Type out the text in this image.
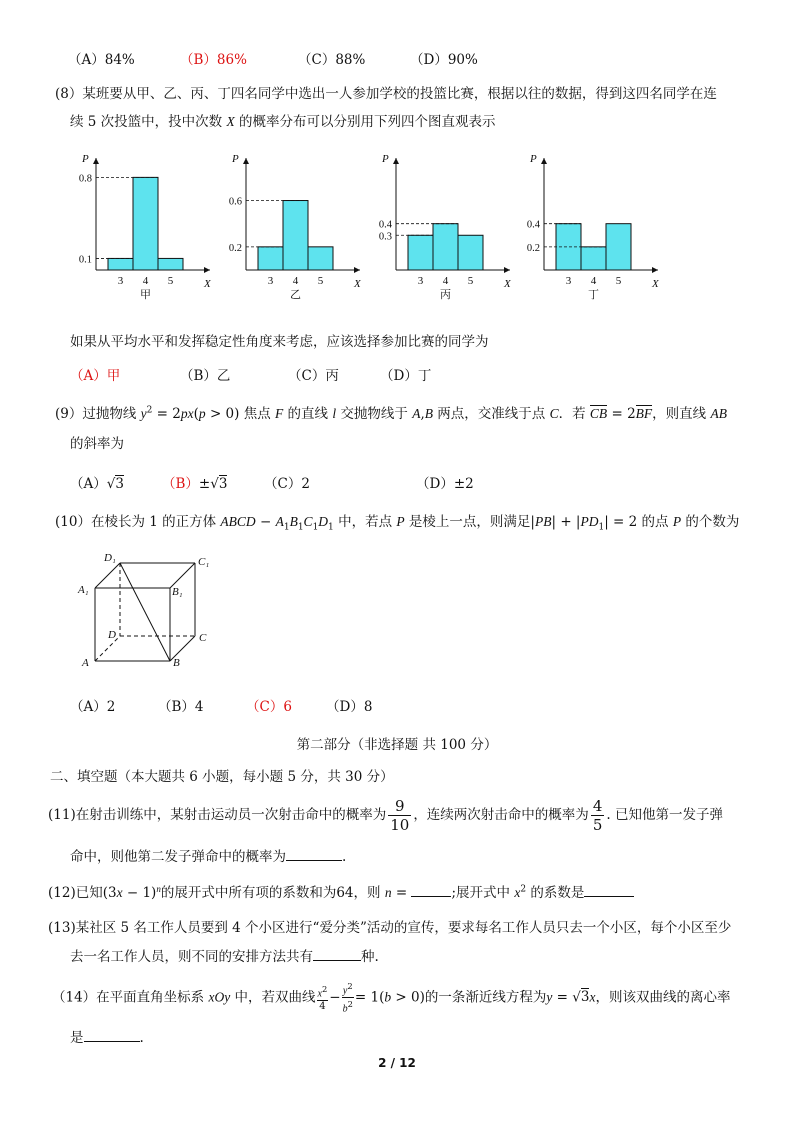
（A）84%	（B）86%	（C）88%	（D）90%
(8）某班要从甲、乙、丙、丁四名同学中选出一人参加学校的投篮比赛，根据以往的数据，得到这四名同学在连
续 5 次投篮中，投中次数 X 的概率分布可以分别用下列四个图直观表示
P
X
3 4 5
0.8
0.1
甲
P
X
3 4 5
0.6
0.2
乙
P
X
3 4 5
0.4
0.3
丙
P
X
3 4 5
0.4
0.2
丁
如果从平均水平和发挥稳定性角度来考虑，应该选择参加比赛的同学为
（A）甲	（B）乙	（C）丙	（D）丁
(9）过抛物线 $y^2 = 2px(p > 0)$ 焦点 F 的直线 l 交抛物线于 A,B 两点，交准线于点 C．若 CB = 2BF，则直线 AB
的斜率为
（A）√3	（B）±√3	（C）2	（D）±2
(10）在棱长为 1 的正方体 ABCD − $A_1B_1C_1D_1$ 中，若点 P 是棱上一点，则满足$|PB| + |PD_1| = 2$ 的点 P 的个数为
D₁	C₁
A₁	B₁
D	C
A	B
（A）2	（B）4	（C）6	（D）8
第二部分（非选择题 共 100 分）
二、填空题（本大题共 6 小题，每小题 5 分，共 30 分）
(11)在射击训练中，某射击运动员一次射击命中的概率为 $\frac{9}{10}$ ，连续两次射击命中的概率为 $\frac{4}{5}$ . 已知他第一发子弹
命中，则他第二发子弹命中的概率为	.
(12)已知$(3x - 1)^n$的展开式中所有项的系数和为64，则 n =	;展开式中 $x^2$ 的系数是
(13)某社区 5 名工作人员要到 4 个小区进行“爱分类”活动的宣传，要求每名工作人员只去一个小区，每个小区至少
去一名工作人员，则不同的安排方法共有	种.
（14）在平面直角坐标系 xOy 中，若双曲线 $\frac{x^2}{4} - \frac{y^2}{b^2} = 1(b > 0)$的一条渐近线方程为y = √3x，则该双曲线的离心率
是	.
2 / 12
